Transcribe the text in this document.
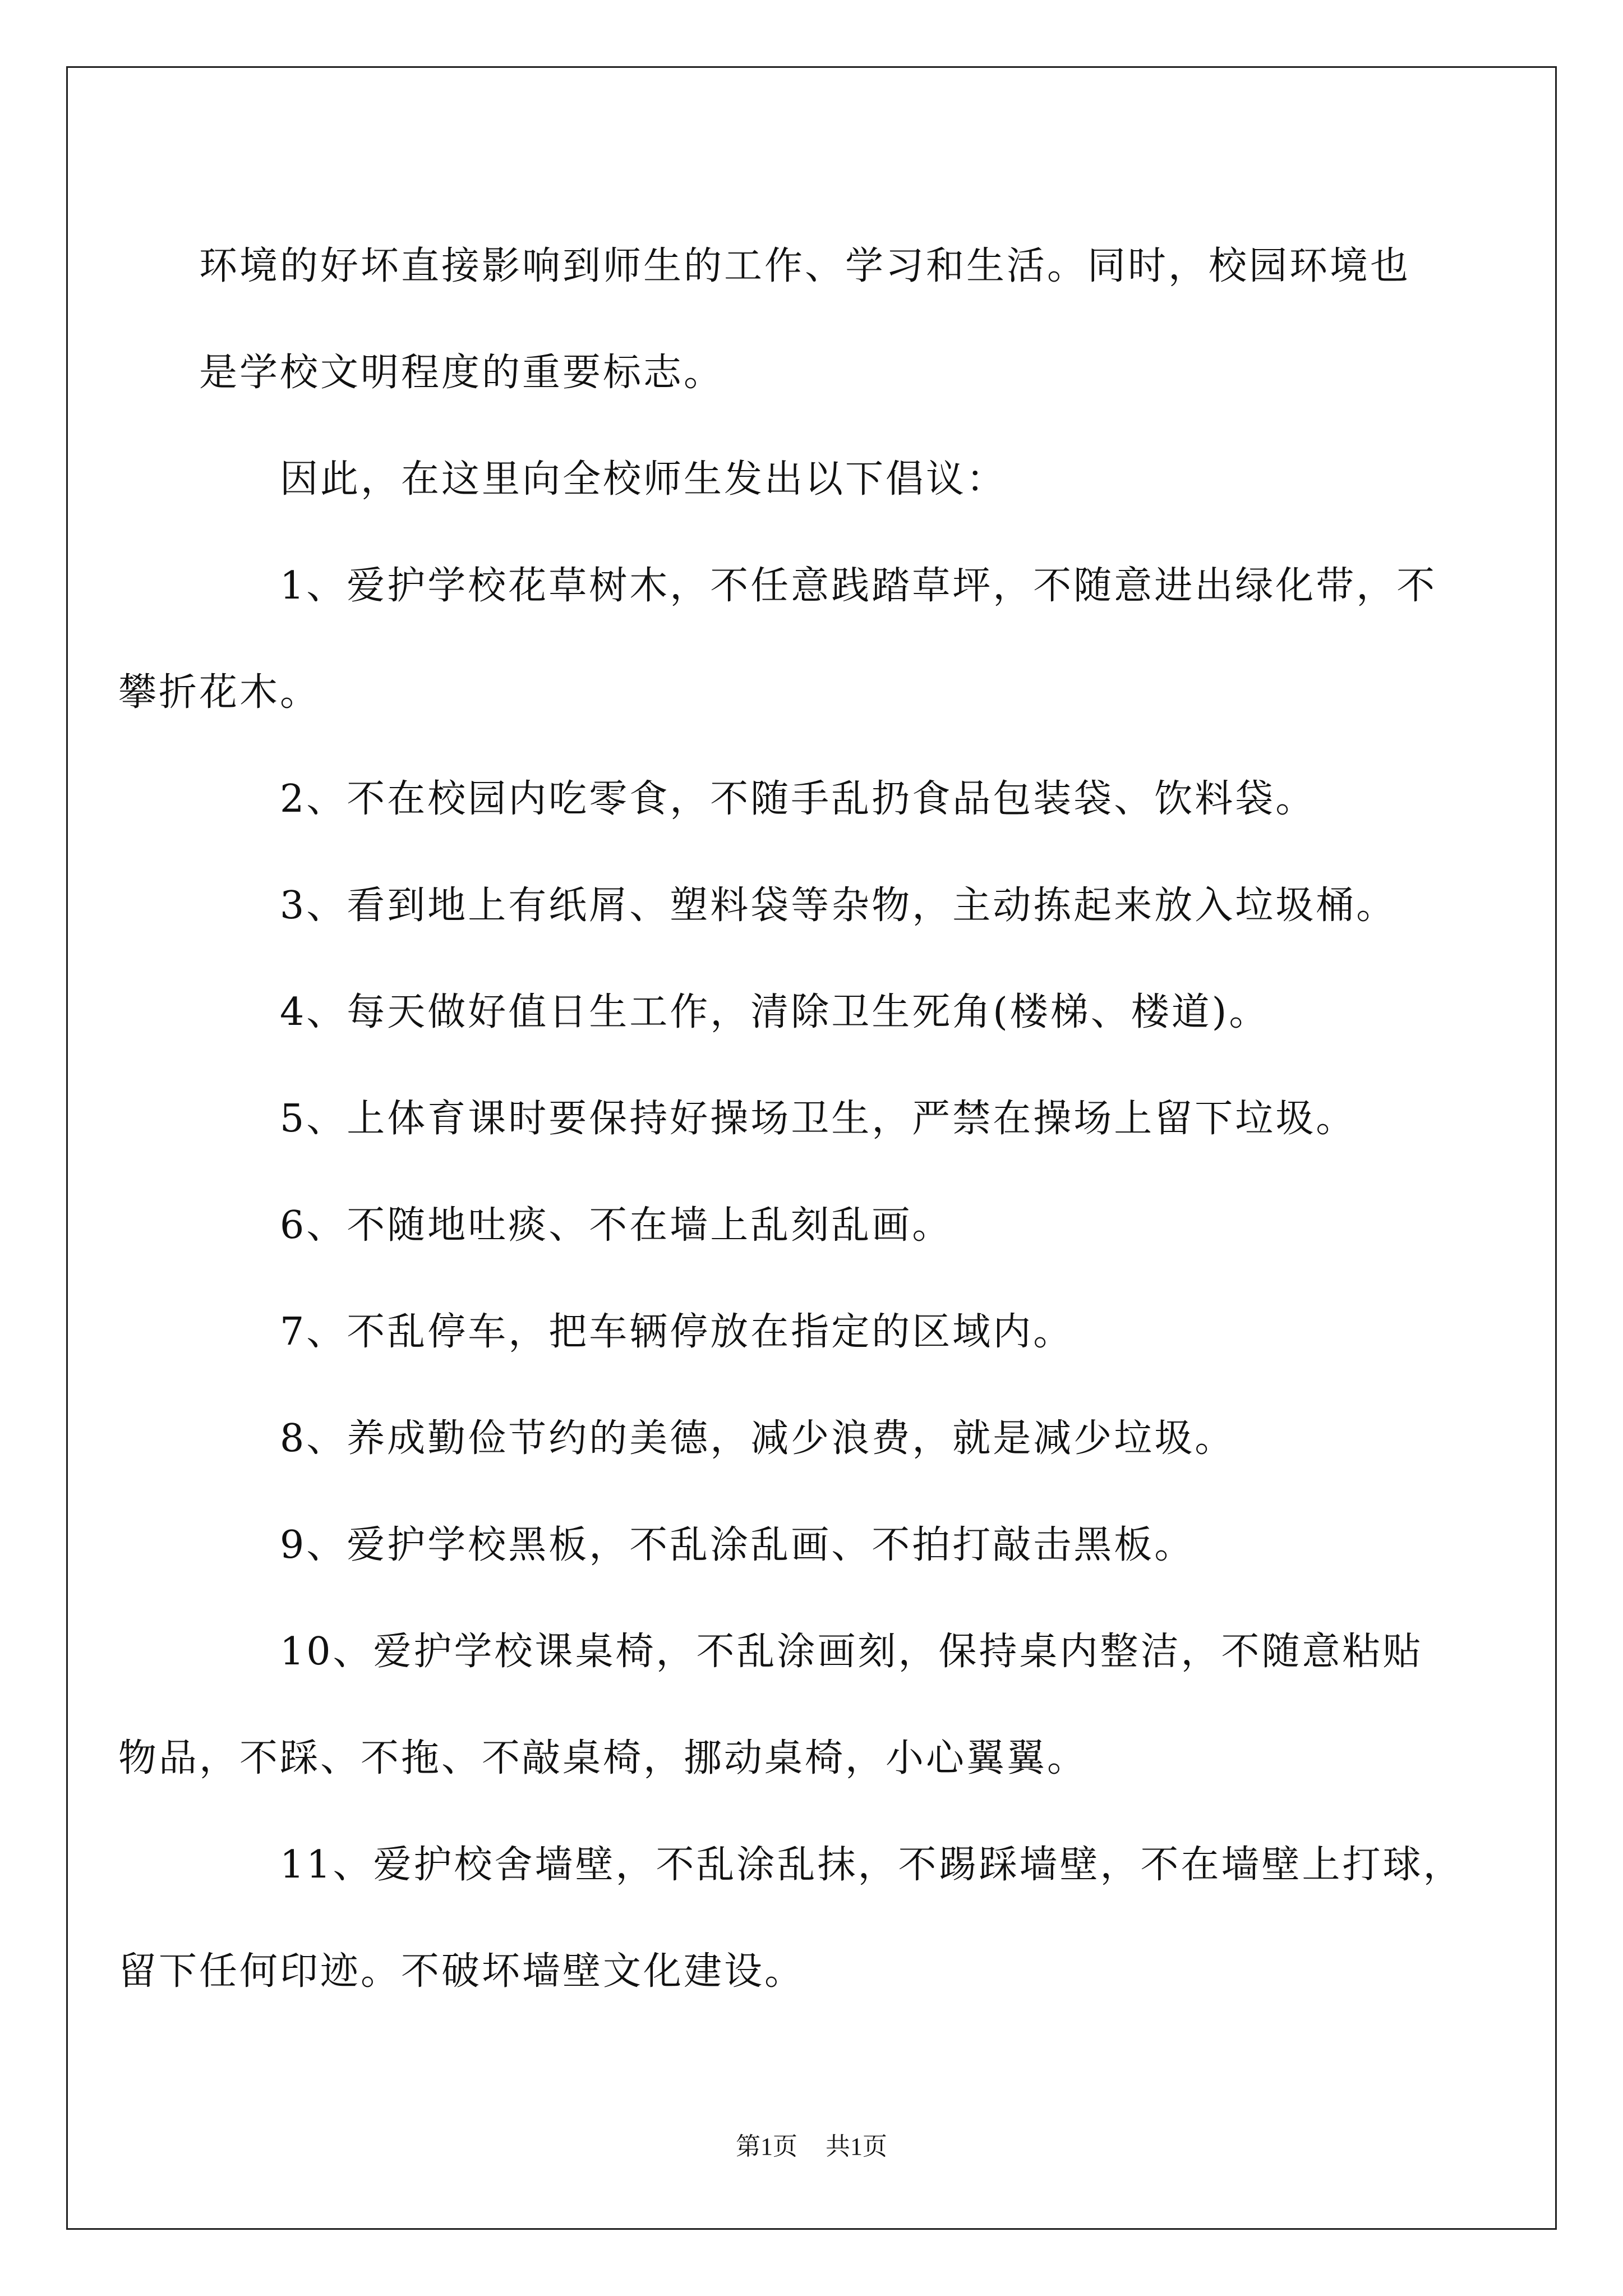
环境的好坏直接影响到师生的工作、学习和生活。同时，校园环境也
是学校文明程度的重要标志。

因此，在这里向全校师生发出以下倡议：

1、爱护学校花草树木，不任意践踏草坪，不随意进出绿化带，不
攀折花木。

2、不在校园内吃零食，不随手乱扔食品包装袋、饮料袋。

3、看到地上有纸屑、塑料袋等杂物，主动拣起来放入垃圾桶。

4、每天做好值日生工作，清除卫生死角(楼梯、楼道)。

5、上体育课时要保持好操场卫生，严禁在操场上留下垃圾。

6、不随地吐痰、不在墙上乱刻乱画。

7、不乱停车，把车辆停放在指定的区域内。

8、养成勤俭节约的美德，减少浪费，就是减少垃圾。

9、爱护学校黑板，不乱涂乱画、不拍打敲击黑板。

10、爱护学校课桌椅，不乱涂画刻，保持桌内整洁，不随意粘贴
物品，不踩、不拖、不敲桌椅，挪动桌椅，小心翼翼。

11、爱护校舍墙壁，不乱涂乱抹，不踢踩墙壁，不在墙壁上打球，
留下任何印迹。不破坏墙壁文化建设。

第1页 共1页
